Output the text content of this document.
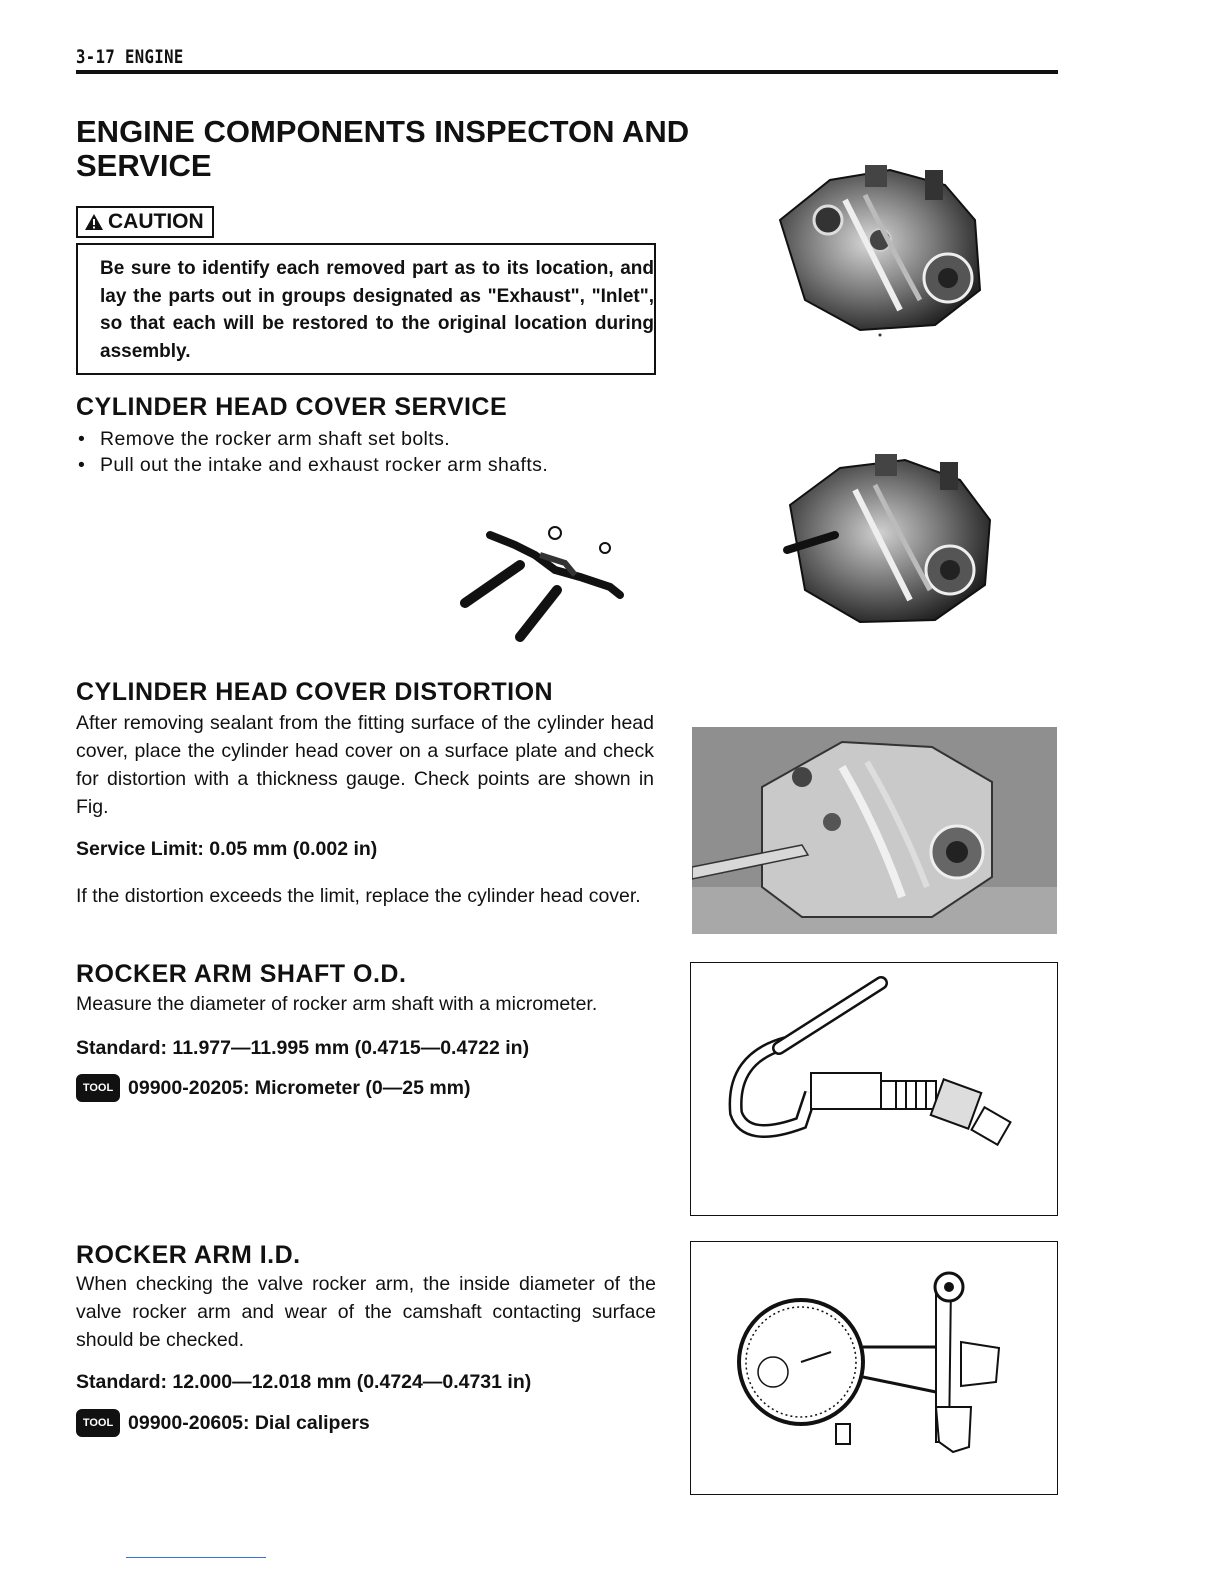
3-17 ENGINE
ENGINE COMPONENTS INSPECTON AND SERVICE
CAUTION
Be sure to identify each removed part as to its location, and lay the parts out in groups designated as "Exhaust", "Inlet", so that each will be restored to the original location during assembly.
CYLINDER HEAD COVER SERVICE
• Remove the rocker arm shaft set bolts.
• Pull out the intake and exhaust rocker arm shafts.
CYLINDER HEAD COVER DISTORTION
After removing sealant from the fitting surface of the cylinder head cover, place the cylinder head cover on a surface plate and check for distortion with a thickness gauge. Check points are shown in Fig.
Service Limit: 0.05 mm (0.002 in)
If the distortion exceeds the limit, replace the cylinder head cover.
ROCKER ARM SHAFT O.D.
Measure the diameter of rocker arm shaft with a micrometer.
Standard: 11.977—11.995 mm (0.4715—0.4722 in)
TOOL 09900-20205: Micrometer (0—25 mm)
ROCKER ARM I.D.
When checking the valve rocker arm, the inside diameter of the valve rocker arm and wear of the camshaft contacting surface should be checked.
Standard: 12.000—12.018 mm (0.4724—0.4731 in)
TOOL 09900-20605: Dial calipers
